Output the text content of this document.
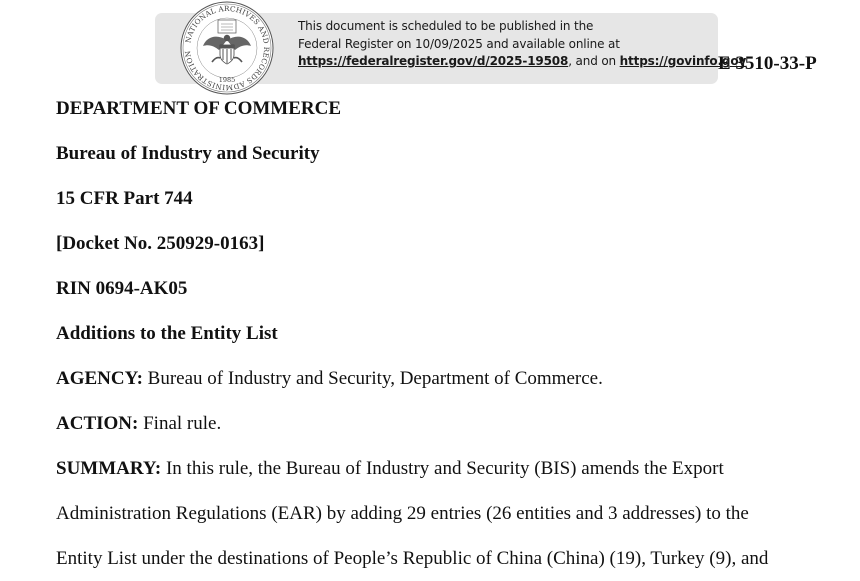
E 3510-33-P
NATIONAL ARCHIVES AND RECORDS ADMINISTRATION
1985
This document is scheduled to be published in the
Federal Register on 10/09/2025 and available online at
https://federalregister.gov/d/2025-19508, and on https://govinfo.gov
DEPARTMENT OF COMMERCE
Bureau of Industry and Security
15 CFR Part 744
[Docket No. 250929-0163]
RIN 0694-AK05
Additions to the Entity List
AGENCY: Bureau of Industry and Security, Department of Commerce.
ACTION: Final rule.
SUMMARY: In this rule, the Bureau of Industry and Security (BIS) amends the Export
Administration Regulations (EAR) by adding 29 entries (26 entities and 3 addresses) to the
Entity List under the destinations of People’s Republic of China (China) (19), Turkey (9), and
